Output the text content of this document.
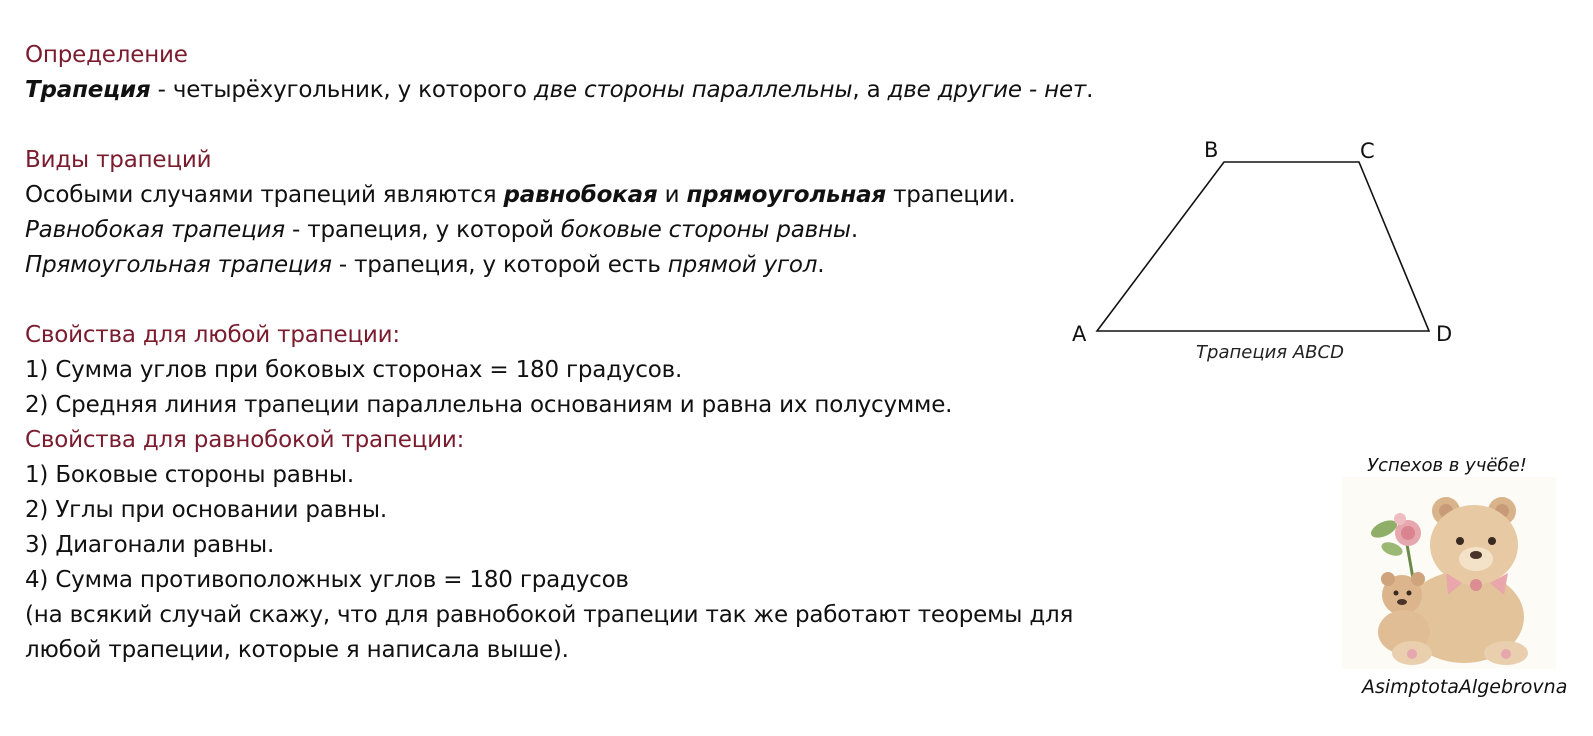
Определение
Трапеция - четырёхугольник, у которого две стороны параллельны, а две другие - нет.
Виды трапеций
Особыми случаями трапеций являются равнобокая и прямоугольная трапеции.
Равнобокая трапеция - трапеция, у которой боковые стороны равны.
Прямоугольная трапеция - трапеция, у которой есть прямой угол.
Свойства для любой трапеции:
1) Сумма углов при боковых сторонах = 180 градусов.
2) Средняя линия трапеции параллельна основаниям и равна их полусумме.
Свойства для равнобокой трапеции:
1) Боковые стороны равны.
2) Углы при основании равны.
3) Диагонали равны.
4) Сумма противоположных углов = 180 градусов
(на всякий случай скажу, что для равнобокой трапеции так же работают теоремы для любой трапеции, которые я написала выше).
A
B	C
D
Трапеция ABCD
Успехов в учёбе!
AsimptotaAlgebrovna
